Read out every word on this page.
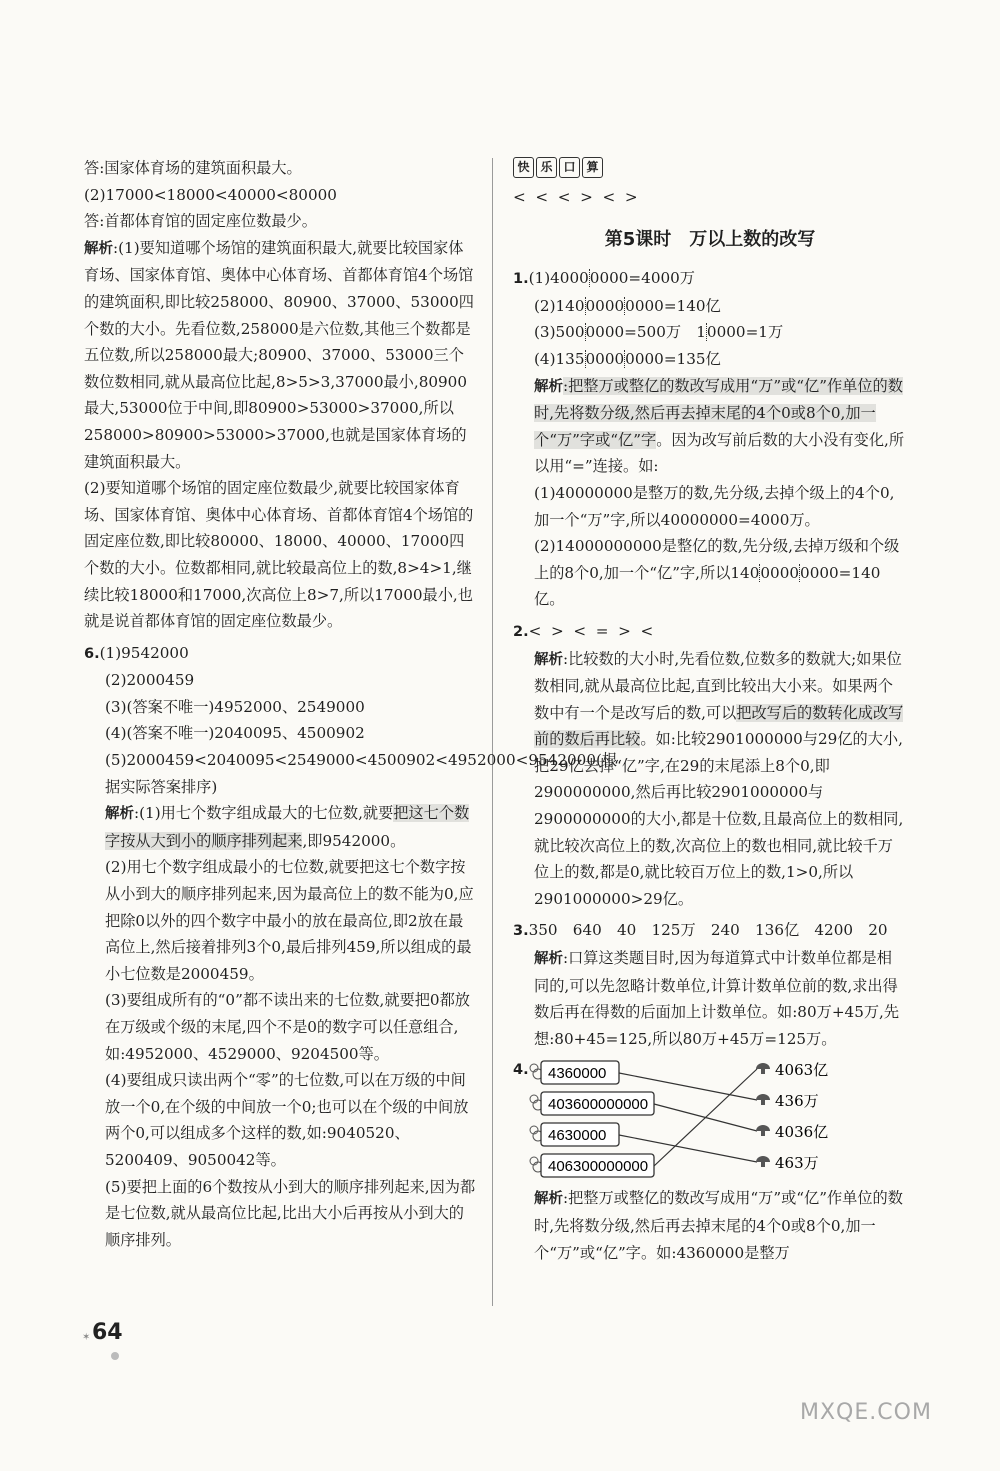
答:国家体育场的建筑面积最大。

(2)17000<18000<40000<80000

答:首都体育馆的固定座位数最少。

解析:(1)要知道哪个场馆的建筑面积最大,就要比较国家体育场、国家体育馆、奥体中心体育场、首都体育馆4个场馆的建筑面积,即比较258000、80900、37000、53000四个数的大小。先看位数,258000是六位数,其他三个数都是五位数,所以258000最大;80900、37000、53000三个数位数相同,就从最高位比起,8>5>3,37000最小,80900最大,53000位于中间,即80900>53000>37000,所以258000>80900>53000>37000,也就是国家体育场的建筑面积最大。

(2)要知道哪个场馆的固定座位数最少,就要比较国家体育场、国家体育馆、奥体中心体育场、首都体育馆4个场馆的固定座位数,即比较80000、18000、40000、17000四个数的大小。位数都相同,就比较最高位上的数,8>4>1,继续比较18000和17000,次高位上8>7,所以17000最小,也就是说首都体育馆的固定座位数最少。

6.(1)9542000

(2)2000459

(3)(答案不唯一)4952000、2549000

(4)(答案不唯一)2040095、4500902

(5)2000459<2040095<2549000<4500902<4952000<9542000(根据实际答案排序)

解析:(1)用七个数字组成最大的七位数,就要把这七个数字按从大到小的顺序排列起来,即9542000。

(2)用七个数字组成最小的七位数,就要把这七个数字按从小到大的顺序排列起来,因为最高位上的数不能为0,应把除0以外的四个数字中最小的放在最高位,即2放在最高位上,然后接着排列3个0,最后排列459,所以组成的最小七位数是2000459。

(3)要组成所有的“0”都不读出来的七位数,就要把0都放在万级或个级的末尾,四个不是0的数字可以任意组合,如:4952000、4529000、9204500等。

(4)要组成只读出两个“零”的七位数,可以在万级的中间放一个0,在个级的中间放一个0;也可以在个级的中间放两个0,可以组成多个这样的数,如:9040520、5200409、9050042等。

(5)要把上面的6个数按从小到大的顺序排列起来,因为都是七位数,就从最高位比起,比出大小后再按从小到大的顺序排列。

快 乐 口 算

<  <  <  >  <  >

第5课时　万以上数的改写

1.(1)40000000=4000万

(2)14000000000=140亿

(3)5000000=500万　10000=1万

(4)13500000000=135亿

解析:把整万或整亿的数改写成用“万”或“亿”作单位的数时,先将数分级,然后再去掉末尾的4个0或8个0,加一个“万”字或“亿”字。因为改写前后数的大小没有变化,所以用“=”连接。如:

(1)40000000是整万的数,先分级,去掉个级上的4个0,加一个“万”字,所以40000000=4000万。

(2)14000000000是整亿的数,先分级,去掉万级和个级上的8个0,加一个“亿”字,所以14000000000=140亿。

2.<  >  <  =  >  <

解析:比较数的大小时,先看位数,位数多的数就大;如果位数相同,就从最高位比起,直到比较出大小来。如果两个数中有一个是改写后的数,可以把改写后的数转化成改写前的数后再比较。如:比较2901000000与29亿的大小,把29亿去掉“亿”字,在29的末尾添上8个0,即2900000000,然后再比较2901000000与2900000000的大小,都是十位数,且最高位上的数相同,就比较次高位上的数,次高位上的数也相同,就比较千万位上的数,都是0,就比较百万位上的数,1>0,所以2901000000>29亿。

3.350　640　40　125万　240　136亿　4200　20

解析:口算这类题目时,因为每道算式中计数单位都是相同的,可以先忽略计数单位,计算计数单位前的数,求出得数后再在得数的后面加上计数单位。如:80万+45万,先想:80+45=125,所以80万+45万=125万。

4. 4360000
403600000000
4630000
406300000000
4063亿
436万
4036亿
463万

解析:把整万或整亿的数改写成用“万”或“亿”作单位的数时,先将数分级,然后再去掉末尾的4个0或8个0,加一个“万”或“亿”字。如:4360000是整万

✶ 64
MXQE.COM
